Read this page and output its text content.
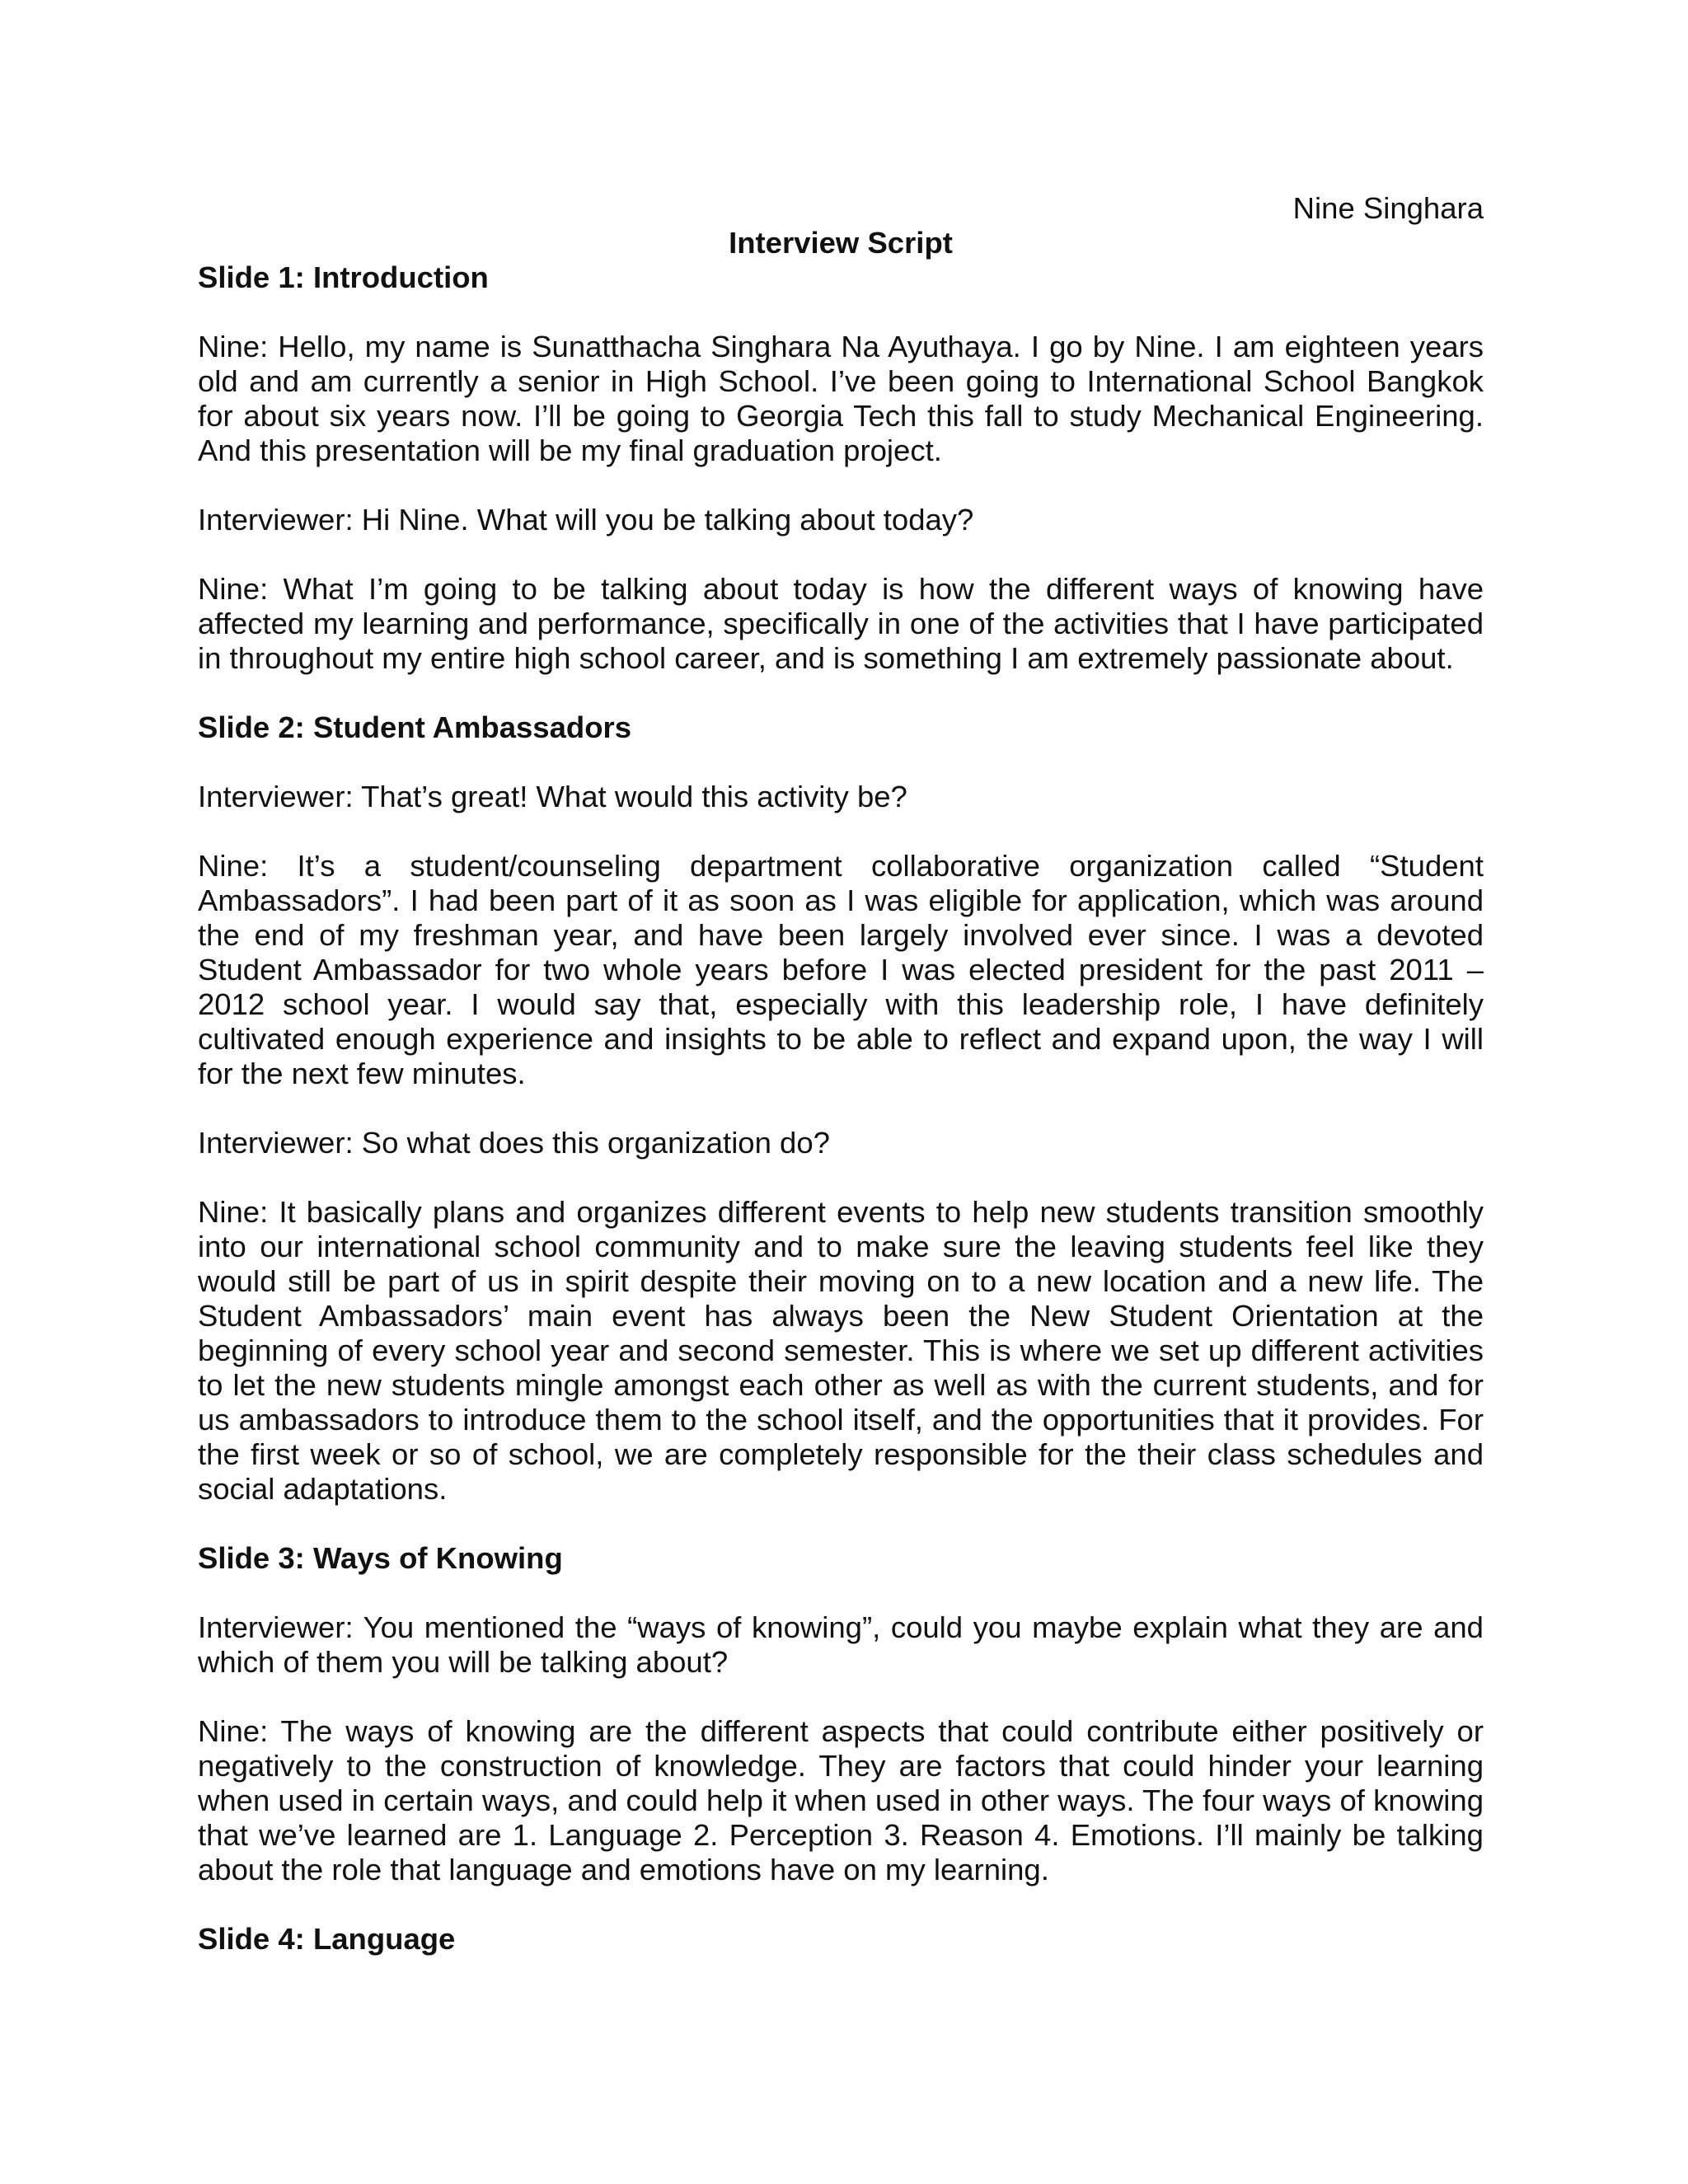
Nine Singhara

Interview Script

Slide 1: Introduction

Nine: Hello, my name is Sunatthacha Singhara Na Ayuthaya. I go by Nine. I am eighteen years old and am currently a senior in High School. I’ve been going to International School Bangkok for about six years now. I’ll be going to Georgia Tech this fall to study Mechanical Engineering. And this presentation will be my final graduation project.

Interviewer: Hi Nine. What will you be talking about today?

Nine: What I’m going to be talking about today is how the different ways of knowing have affected my learning and performance, specifically in one of the activities that I have participated in throughout my entire high school career, and is something I am extremely passionate about.

Slide 2: Student Ambassadors

Interviewer: That’s great! What would this activity be?

Nine: It’s a student/counseling department collaborative organization called “Student Ambassadors”. I had been part of it as soon as I was eligible for application, which was around the end of my freshman year, and have been largely involved ever since. I was a devoted Student Ambassador for two whole years before I was elected president for the past 2011 – 2012 school year. I would say that, especially with this leadership role, I have definitely cultivated enough experience and insights to be able to reflect and expand upon, the way I will for the next few minutes.

Interviewer: So what does this organization do?

Nine: It basically plans and organizes different events to help new students transition smoothly into our international school community and to make sure the leaving students feel like they would still be part of us in spirit despite their moving on to a new location and a new life. The Student Ambassadors’ main event has always been the New Student Orientation at the beginning of every school year and second semester. This is where we set up different activities to let the new students mingle amongst each other as well as with the current students, and for us ambassadors to introduce them to the school itself, and the opportunities that it provides. For the first week or so of school, we are completely responsible for the their class schedules and social adaptations.

Slide 3: Ways of Knowing

Interviewer: You mentioned the “ways of knowing”, could you maybe explain what they are and which of them you will be talking about?

Nine: The ways of knowing are the different aspects that could contribute either positively or negatively to the construction of knowledge. They are factors that could hinder your learning when used in certain ways, and could help it when used in other ways. The four ways of knowing that we’ve learned are 1. Language 2. Perception 3. Reason 4. Emotions. I’ll mainly be talking about the role that language and emotions have on my learning.

Slide 4: Language
